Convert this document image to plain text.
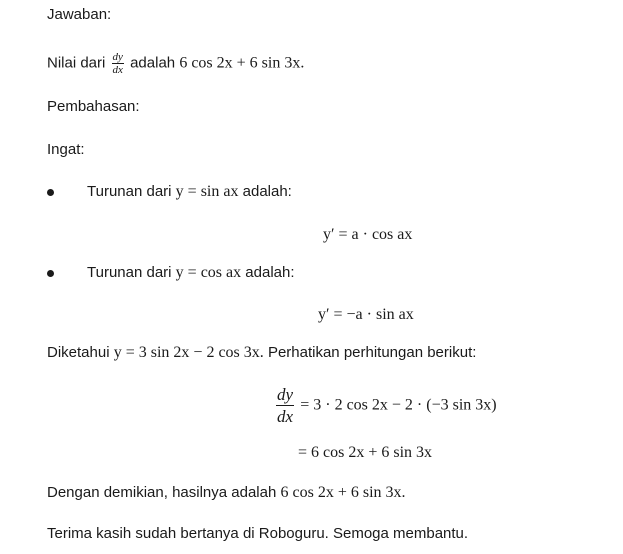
Jawaban:
Nilai dari $\frac{dy}{dx}$ adalah 6 cos 2x + 6 sin 3x.
Pembahasan:
Ingat:
Turunan dari y = sin ax adalah:
y′ = a · cos ax
Turunan dari y = cos ax adalah:
y′ = −a · sin ax
Diketahui y = 3 sin 2x − 2 cos 3x. Perhatikan perhitungan berikut:
$\frac{dy}{dx} = 3 \cdot 2$ cos 2x − 2 · (−3 sin 3x)
= 6 cos 2x + 6 sin 3x
Dengan demikian, hasilnya adalah 6 cos 2x + 6 sin 3x.
Terima kasih sudah bertanya di Roboguru. Semoga membantu.
